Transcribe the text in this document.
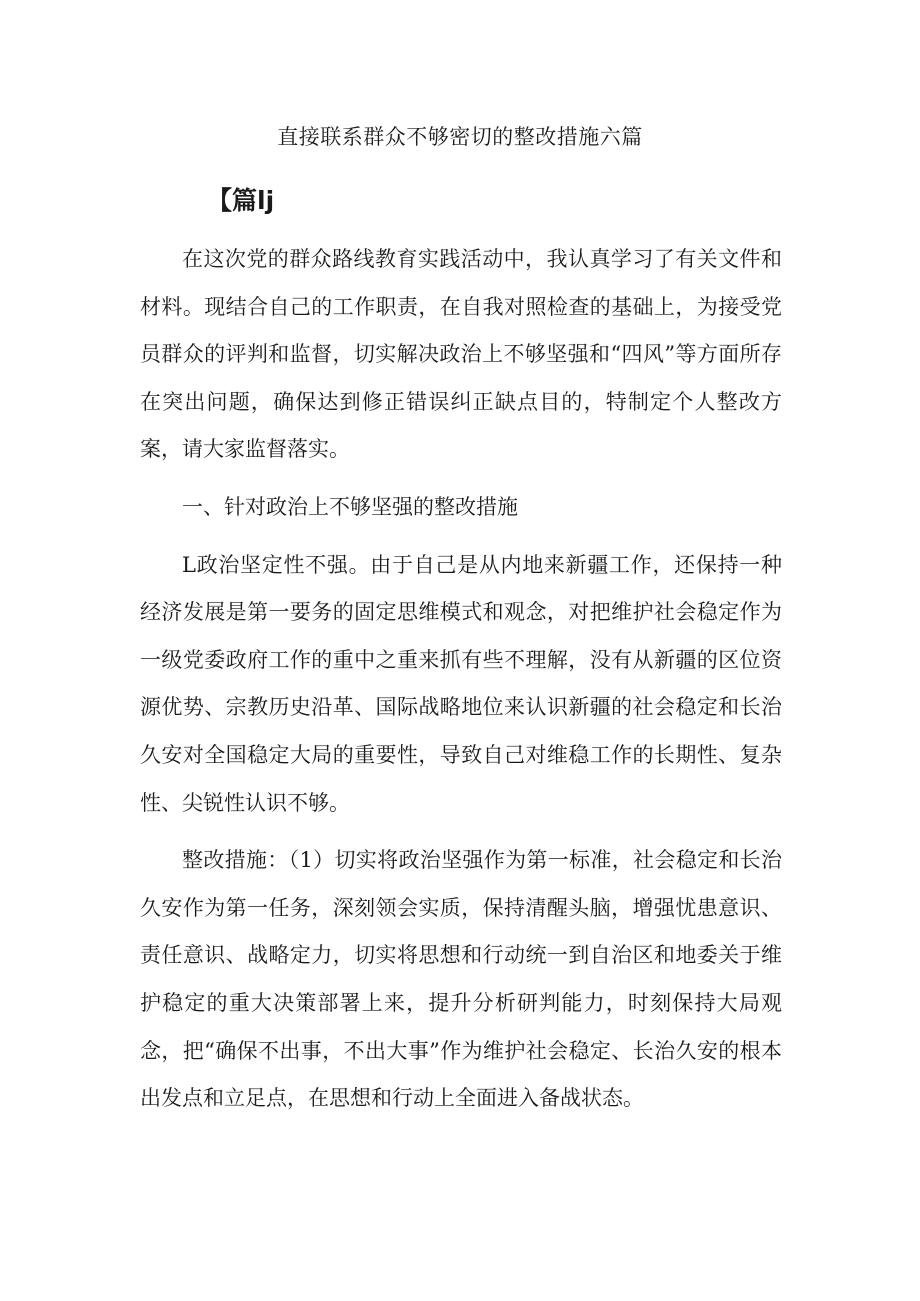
直接联系群众不够密切的整改措施六篇
【篇lj

在这次党的群众路线教育实践活动中，我认真学习了有关文件和材料。现结合自己的工作职责，在自我对照检查的基础上，为接受党员群众的评判和监督，切实解决政治上不够坚强和“四风”等方面所存在突出问题，确保达到修正错误纠正缺点目的，特制定个人整改方案，请大家监督落实。

一、针对政治上不够坚强的整改措施

L政治坚定性不强。由于自己是从内地来新疆工作，还保持一种经济发展是第一要务的固定思维模式和观念，对把维护社会稳定作为一级党委政府工作的重中之重来抓有些不理解，没有从新疆的区位资源优势、宗教历史沿革、国际战略地位来认识新疆的社会稳定和长治久安对全国稳定大局的重要性，导致自己对维稳工作的长期性、复杂性、尖锐性认识不够。

整改措施：（1）切实将政治坚强作为第一标准，社会稳定和长治久安作为第一任务，深刻领会实质，保持清醒头脑，增强忧患意识、责任意识、战略定力，切实将思想和行动统一到自治区和地委关于维护稳定的重大决策部署上来，提升分析研判能力，时刻保持大局观念，把“确保不出事，不出大事”作为维护社会稳定、长治久安的根本出发点和立足点，在思想和行动上全面进入备战状态。
